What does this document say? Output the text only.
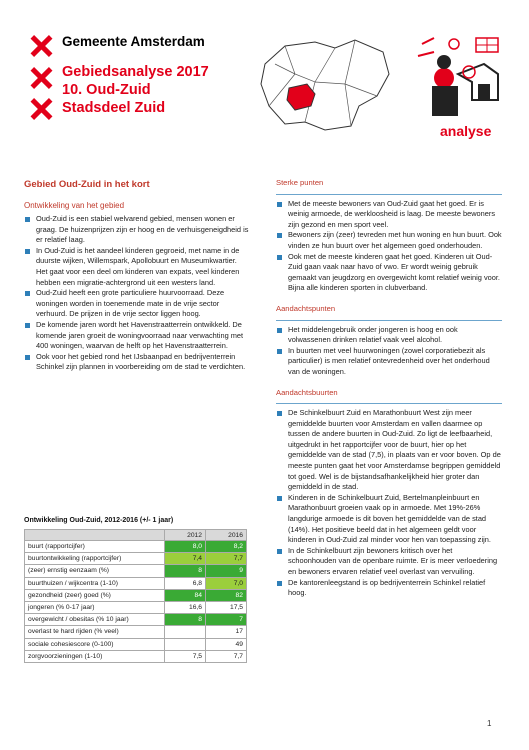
Gemeente Amsterdam
Gebiedsanalyse 2017
10. Oud-Zuid
Stadsdeel Zuid
analyse
Gebied Oud-Zuid in het kort
Ontwikkeling van het gebied
Oud-Zuid is een stabiel welvarend gebied, mensen wonen er graag. De huizenprijzen zijn er hoog en de verhuisgeneigdheid is er relatief laag.
In Oud-Zuid is het aandeel kinderen gegroeid, met name in de duurste wijken, Willemspark, Apollobuurt en Museumkwartier. Het gaat voor een deel om kinderen van expats, veel kinderen hebben een migratie-achtergrond uit een westers land.
Oud-Zuid heeft een grote particuliere huurvoorraad. Deze woningen worden in toenemende mate in de vrije sector verhuurd. De prijzen in de vrije sector liggen hoog.
De komende jaren wordt het Havenstraatterrein ontwikkeld. De komende jaren groeit de woningvoorraad naar verwachting met 400 woningen, waarvan de helft op het Havenstraatterrein.
Ook voor het gebied rond het IJsbaanpad en bedrijventerrein Schinkel zijn plannen in voorbereiding om de stad te verdichten.
Ontwikkeling Oud-Zuid, 2012-2016 (+/- 1 jaar)
	2012	2016
buurt (rapportcijfer)	8,0	8,2
buurtontwikkeling (rapportcijfer)	7,4	7,7
(zeer) ernstig eenzaam (%)	8	9
buurthuizen / wijkcentra (1-10)	6,8	7,0
gezondheid (zeer) goed (%)	84	82
jongeren (% 0-17 jaar)	16,6	17,5
overgewicht / obesitas (% 10 jaar)	8	7
overlast te hard rijden (% veel)		17
sociale cohesiescore (0-100)		49
zorgvoorzieningen (1-10)	7,5	7,7
Sterke punten
Met de meeste bewoners van Oud-Zuid gaat het goed. Er is weinig armoede, de werkloosheid is laag. De meeste bewoners zijn gezond en men sport veel.
Bewoners zijn (zeer) tevreden met hun woning en hun buurt. Ook vinden ze hun buurt over het algemeen goed onderhouden.
Ook met de meeste kinderen gaat het goed. Kinderen uit Oud-Zuid gaan vaak naar havo of vwo. Er wordt weinig gebruik gemaakt van jeugdzorg en overgewicht komt relatief weinig voor. Bijna alle kinderen sporten in clubverband.
Aandachtspunten
Het middelengebruik onder jongeren is hoog en ook volwassenen drinken relatief vaak veel alcohol.
In buurten met veel huurwoningen (zowel corporatiebezit als particulier) is men relatief ontevredenheid over het onderhoud van de woningen.
Aandachtsbuurten
De Schinkelbuurt Zuid en Marathonbuurt West zijn meer gemiddelde buurten voor Amsterdam en vallen daarmee op tussen de andere buurten in Oud-Zuid. Zo ligt de leefbaarheid, uitgedrukt in het rapportcijfer voor de buurt, hier op het gemiddelde van de stad (7,5), in plaats van er voor boven. Op de meeste punten gaat het voor Amsterdamse begrippen gemiddeld tot goed. Wel is de bijstandsafhankelijkheid hier groter dan gemiddeld in de stad.
Kinderen in de Schinkelbuurt Zuid, Bertelmanpleinbuurt en Marathonbuurt groeien vaak op in armoede. Met 19%-26% langdurige armoede is dit boven het gemiddelde van de stad (14%). Het positieve beeld dat in het algemeen geldt voor kinderen in Oud-Zuid zal minder voor hen van toepassing zijn.
In de Schinkelbuurt zijn bewoners kritisch over het schoonhouden van de openbare ruimte. Er is meer verloedering en bewoners ervaren relatief veel overlast van vervuiling.
De kantorenleegstand is op bedrijventerrein Schinkel relatief hoog.
1
